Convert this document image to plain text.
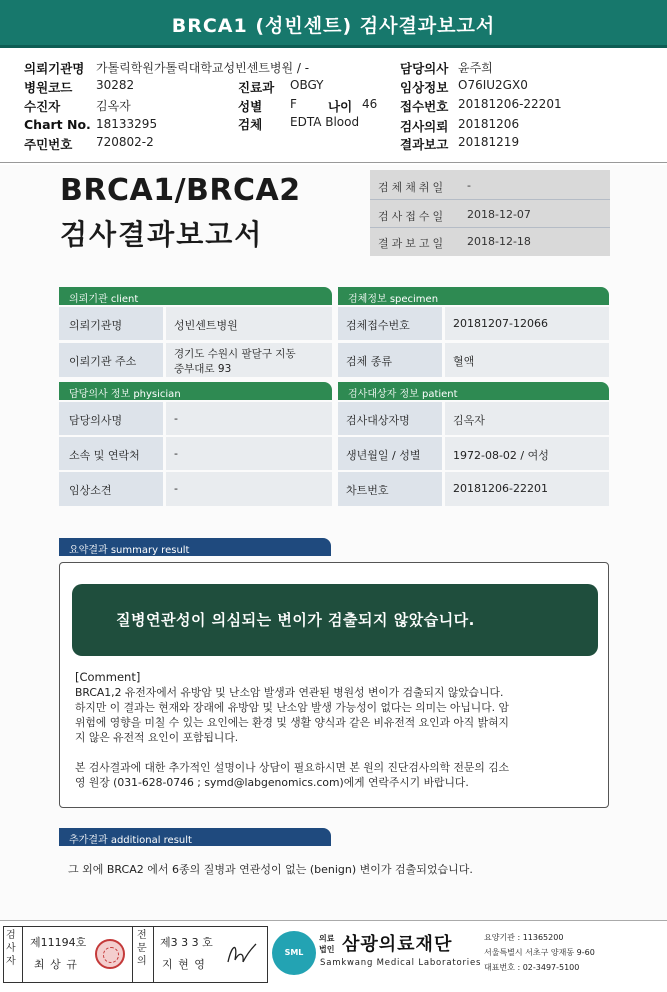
BRCA1 (성빈센트) 검사결과보고서
의뢰기관명 가톨릭학원가톨릭대학교성빈센트병원 / -	담당의사 윤주희
병원코드 30282	진료과 OBGY	임상정보 O76IU2GX0
수진자	김옥자	성별 F 나이 46 접수번호 20181206-22201
Chart No. 18133295	검체 EDTA Blood	검사의뢰 20181206
주민번호 720802-2	결과보고 20181219
BRCA1/BRCA2
검사결과보고서
검체채취일	-
검사접수일	2018-12-07
결과보고일	2018-12-18
의뢰기관 client	검체정보 specimen
의뢰기관명	성빈센트병원
이뢰기관 주소
경기도 수원시 팔달구 지동
중부대로 93
검체접수번호	20181207-12066
검체 종류	혈액
담당의사 정보 physician	검사대상자 정보 patient
담당의사명	-
소속 및 연락처	-
임상소견	-
검사대상자명	김옥자
생년월일 / 성별	1972-08-02 / 여성
차트번호	20181206-22201
요약결과 summary result
질병연관성이 의심되는 변이가 검출되지 않았습니다.
[Comment]
BRCA1,2 유전자에서 유방암 및 난소암 발생과 연관된 병원성 변이가 검출되지 않았습니다.
하지만 이 결과는 현재와 장래에 유방암 및 난소암 발생 가능성이 없다는 의미는 아닙니다. 암
위험에 영향을 미칠 수 있는 요인에는 환경 및 생활 양식과 같은 비유전적 요인과 아직 밝혀지
지 않은 유전적 요인이 포함됩니다.
본 검사결과에 대한 추가적인 설명이나 상담이 필요하시면 본 원의 진단검사의학 전문의 김소
영 원장 (031-628-0746 ; symd@labgenomics.com)에게 연락주시기 바랍니다.
추가결과 additional result
그 외에 BRCA2 에서 6종의 질병과 연관성이 없는 (benign) 변이가 검출되었습니다.
검사자
제11194호
최 상 규
전문의
제3 3 3 호
지 현 영
SML
의료
법인 삼광의료재단
Samkwang Medical Laboratories
요양기관 : 11365200
서울특별시 서초구 양재동 9-60
대표번호 : 02-3497-5100
